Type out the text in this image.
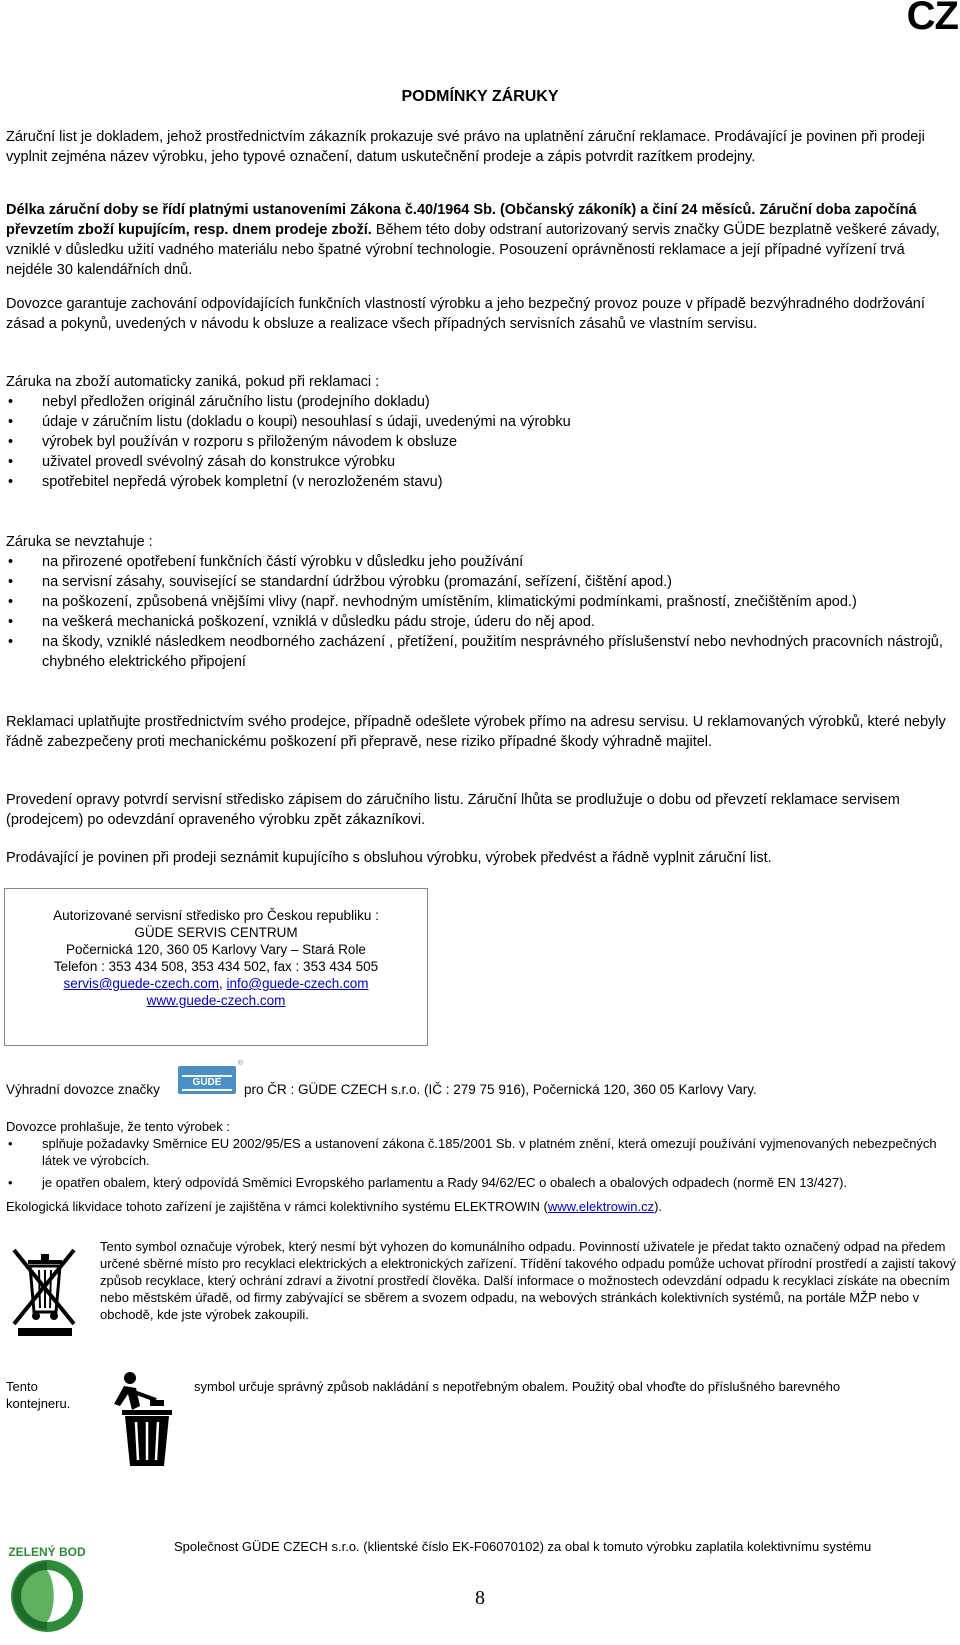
CZ
PODMÍNKY ZÁRUKY
Záruční list je dokladem, jehož prostřednictvím zákazník prokazuje své právo na uplatnění záruční reklamace. Prodávající je povinen při prodeji vyplnit zejména název výrobku, jeho typové označení, datum uskutečnění prodeje a zápis potvrdit razítkem prodejny.
Délka záruční doby se řídí platnými ustanoveními Zákona č.40/1964 Sb. (Občanský zákoník) a činí 24 měsíců. Záruční doba započíná převzetím zboží kupujícím, resp. dnem prodeje zboží. Během této doby odstraní autorizovaný servis značky GÜDE bezplatně veškeré závady, vzniklé v důsledku užití vadného materiálu nebo špatné výrobní technologie. Posouzení oprávněnosti reklamace a její případné vyřízení trvá nejdéle 30 kalendářních dnů.
Dovozce garantuje zachování odpovídajících funkčních vlastností výrobku a jeho bezpečný provoz pouze v případě bezvýhradného dodržování zásad a pokynů, uvedených v návodu k obsluze a realizace všech případných servisních zásahů ve vlastním servisu.
Záruka na zboží automaticky zaniká, pokud při reklamaci :
• nebyl předložen originál záručního listu (prodejního dokladu)
• údaje v záručním listu (dokladu o koupi) nesouhlasí s údaji, uvedenými na výrobku
• výrobek byl používán v rozporu s přiloženým návodem k obsluze
• uživatel provedl svévolný zásah do konstrukce výrobku
• spotřebitel nepředá výrobek kompletní (v nerozloženém stavu)
Záruka se nevztahuje :
• na přirozené opotřebení funkčních částí výrobku v důsledku jeho používání
• na servisní zásahy, související se standardní údržbou výrobku (promazání, seřízení, čištění apod.)
• na poškození, způsobená vnějšími vlivy (např. nevhodným umístěním, klimatickými podmínkami, prašností, znečištěním apod.)
• na veškerá mechanická poškození, vzniklá v důsledku pádu stroje, úderu do něj apod.
• na škody, vzniklé následkem neodborného zacházení , přetížení, použitím nesprávného příslušenství nebo nevhodných pracovních nástrojů, chybného elektrického připojení
Reklamaci uplatňujte prostřednictvím svého prodejce, případně odešlete výrobek přímo na adresu servisu. U reklamovaných výrobků, které nebyly řádně zabezpečeny proti mechanickému poškození při přepravě, nese riziko případné škody výhradně majitel.
Provedení opravy potvrdí servisní středisko zápisem do záručního listu. Záruční lhůta se prodlužuje o dobu od převzetí reklamace servisem (prodejcem) po odevzdání opraveného výrobku zpět zákazníkovi.
Prodávající je povinen při prodeji seznámit kupujícího s obsluhou výrobku, výrobek předvést a řádně vyplnit záruční list.
Autorizované servisní středisko pro Českou republiku :
GÜDE SERVIS CENTRUM
Počernická 120, 360 05 Karlovy Vary – Stará Role
Telefon : 353 434 508, 353 434 502, fax : 353 434 505
servis@guede-czech.com, info@guede-czech.com
www.guede-czech.com
Výhradní dovozce značky	GÜDE
®
pro ČR : GÜDE CZECH s.r.o. (IČ : 279 75 916), Počernická 120, 360 05 Karlovy Vary.
Dovozce prohlašuje, že tento výrobek :
• splňuje požadavky Směrnice EU 2002/95/ES a ustanovení zákona č.185/2001 Sb. v platném znění, která omezují používání vyjmenovaných nebezpečných látek ve výrobcích.
• je opatřen obalem, který odpovídá Směmici Evropského parlamentu a Rady 94/62/EC o obalech a obalových odpadech (normě EN 13/427).
Ekologická likvidace tohoto zařízení je zajištěna v rámci kolektivního systému ELEKTROWIN (www.elektrowin.cz).
Tento symbol označuje výrobek, který nesmí být vyhozen do komunálního odpadu. Povinností uživatele je předat takto označený odpad na předem určené sběrné místo pro recyklaci elektrických a elektronických zařízení. Třídění takového odpadu pomůže uchovat přírodní prostředí a zajistí takový způsob recyklace, který ochrání zdraví a životní prostředí člověka. Další informace o možnostech odevzdání odpadu k recyklaci získáte na obecním nebo městském úřadě, od firmy zabývající se sběrem a svozem odpadu, na webových stránkách kolektivních systémů, na portále MŽP nebo v obchodě, kde jste výrobek zakoupili.
Tento kontejneru.
symbol určuje správný způsob nakládání s nepotřebným obalem. Použitý obal vhoďte do příslušného barevného
ZELENÝ BOD	Společnost GÜDE CZECH s.r.o. (klientské číslo EK-F06070102) za obal k tomuto výrobku zaplatila kolektivnímu systému
8
